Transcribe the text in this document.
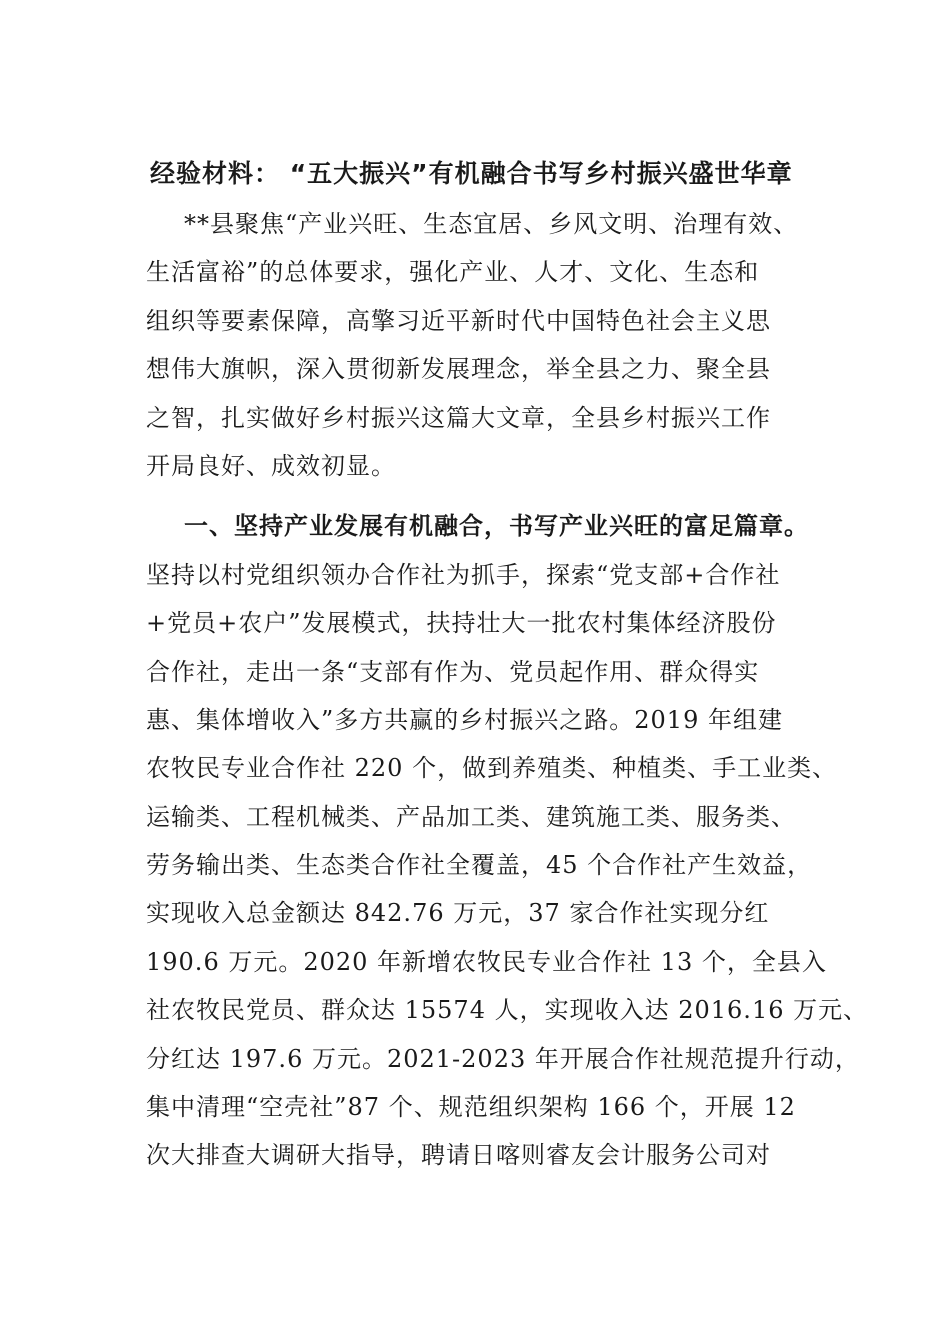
经验材料： “五大振兴”有机融合书写乡村振兴盛世华章
**县聚焦“产业兴旺、生态宜居、乡风文明、治理有效、
生活富裕”的总体要求，强化产业、人才、文化、生态和
组织等要素保障，高擎习近平新时代中国特色社会主义思
想伟大旗帜，深入贯彻新发展理念，举全县之力、聚全县
之智，扎实做好乡村振兴这篇大文章，全县乡村振兴工作
开局良好、成效初显。
一、坚持产业发展有机融合，书写产业兴旺的富足篇章。
坚持以村党组织领办合作社为抓手，探索“党支部+合作社
+党员+农户”发展模式，扶持壮大一批农村集体经济股份
合作社，走出一条“支部有作为、党员起作用、群众得实
惠、集体增收入”多方共赢的乡村振兴之路。2019 年组建
农牧民专业合作社 220 个，做到养殖类、种植类、手工业类、
运输类、工程机械类、产品加工类、建筑施工类、服务类、
劳务输出类、生态类合作社全覆盖，45 个合作社产生效益，
实现收入总金额达 842.76 万元，37 家合作社实现分红
190.6 万元。2020 年新增农牧民专业合作社 13 个，全县入
社农牧民党员、群众达 15574 人，实现收入达 2016.16 万元、
分红达 197.6 万元。2021-2023 年开展合作社规范提升行动，
集中清理“空壳社”87 个、规范组织架构 166 个，开展 12
次大排查大调研大指导，聘请日喀则睿友会计服务公司对
